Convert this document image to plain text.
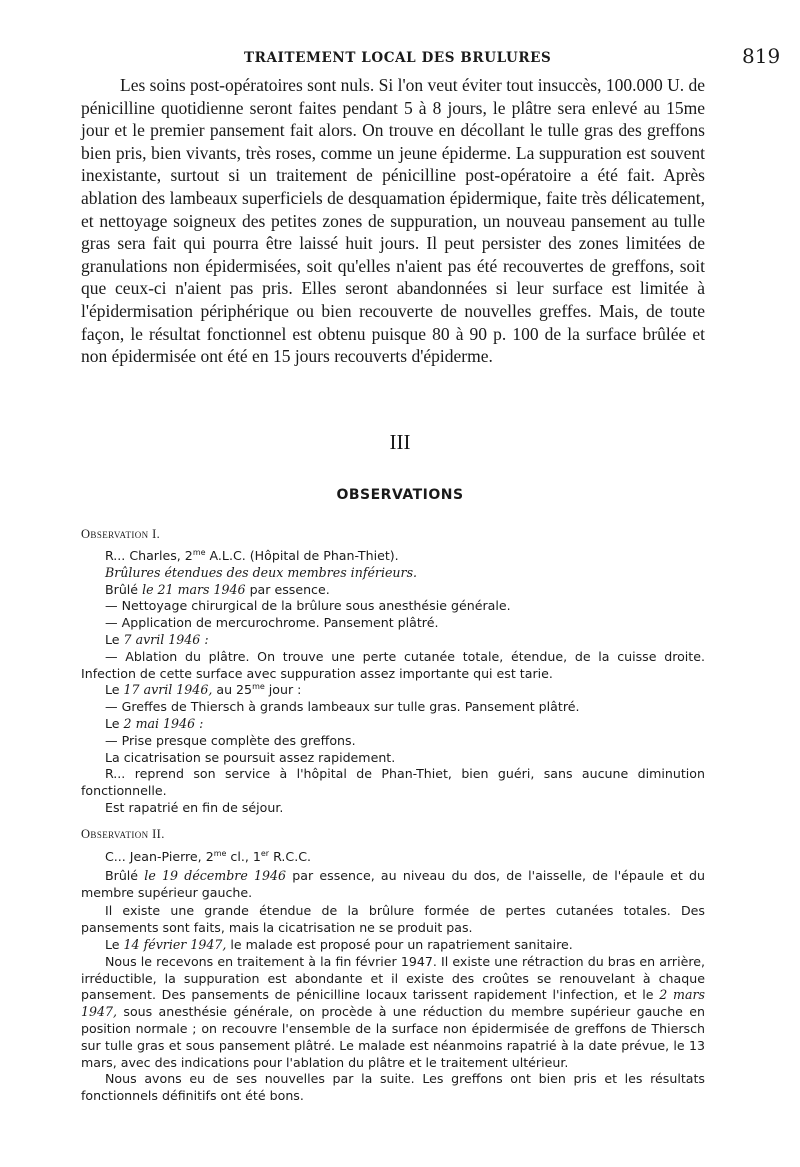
TRAITEMENT LOCAL DES BRULURES	819

Les soins post-opératoires sont nuls. Si l'on veut éviter tout insuccès, 100.000 U. de pénicilline quotidienne seront faites pendant 5 à 8 jours, le plâtre sera enlevé au 15me jour et le premier pansement fait alors. On trouve en décollant le tulle gras des greffons bien pris, bien vivants, très roses, comme un jeune épiderme. La suppuration est souvent inexistante, surtout si un traitement de pénicilline post-opératoire a été fait. Après ablation des lambeaux superficiels de desquamation épidermique, faite très délicatement, et nettoyage soigneux des petites zones de suppuration, un nouveau pansement au tulle gras sera fait qui pourra être laissé huit jours. Il peut persister des zones limitées de granulations non épidermisées, soit qu'elles n'aient pas été recouvertes de greffons, soit que ceux-ci n'aient pas pris. Elles seront abandonnées si leur surface est limitée à l'épidermisation périphérique ou bien recouverte de nouvelles greffes. Mais, de toute façon, le résultat fonctionnel est obtenu puisque 80 à 90 p. 100 de la surface brûlée et non épidermisée ont été en 15 jours recouverts d'épiderme.

III
OBSERVATIONS
Observation I.

R... Charles, $2^{me}$ A.L.C. (Hôpital de Phan-Thiet).

Brûlures étendues des deux membres inférieurs.

Brûlé le 21 mars 1946 par essence.

— Nettoyage chirurgical de la brûlure sous anesthésie générale.

— Application de mercurochrome. Pansement plâtré.

Le 7 avril 1946 :

— Ablation du plâtre. On trouve une perte cutanée totale, étendue, de la cuisse droite. Infection de cette surface avec suppuration assez importante qui est tarie.

Le 17 avril 1946, au $25^{me}$ jour :

— Greffes de Thiersch à grands lambeaux sur tulle gras. Pansement plâtré.

Le 2 mai 1946 :

— Prise presque complète des greffons.

La cicatrisation se poursuit assez rapidement.

R... reprend son service à l'hôpital de Phan-Thiet, bien guéri, sans aucune diminution fonctionnelle.

Est rapatrié en fin de séjour.

Observation II.

C... Jean-Pierre, $2^{me}$ cl., 1er R.C.C.

Brûlé le 19 décembre 1946 par essence, au niveau du dos, de l'aisselle, de l'épaule et du membre supérieur gauche.

Il existe une grande étendue de la brûlure formée de pertes cutanées totales. Des pansements sont faits, mais la cicatrisation ne se produit pas.

Le 14 février 1947, le malade est proposé pour un rapatriement sanitaire.

Nous le recevons en traitement à la fin février 1947. Il existe une rétraction du bras en arrière, irréductible, la suppuration est abondante et il existe des croûtes se renouvelant à chaque pansement. Des pansements de pénicilline locaux tarissent rapidement l'infection, et le 2 mars 1947, sous anesthésie générale, on procède à une réduction du membre supérieur gauche en position normale ; on recouvre l'ensemble de la surface non épidermisée de greffons de Thiersch sur tulle gras et sous pansement plâtré. Le malade est néanmoins rapatrié à la date prévue, le 13 mars, avec des indications pour l'ablation du plâtre et le traitement ultérieur.

Nous avons eu de ses nouvelles par la suite. Les greffons ont bien pris et les résultats fonctionnels définitifs ont été bons.
